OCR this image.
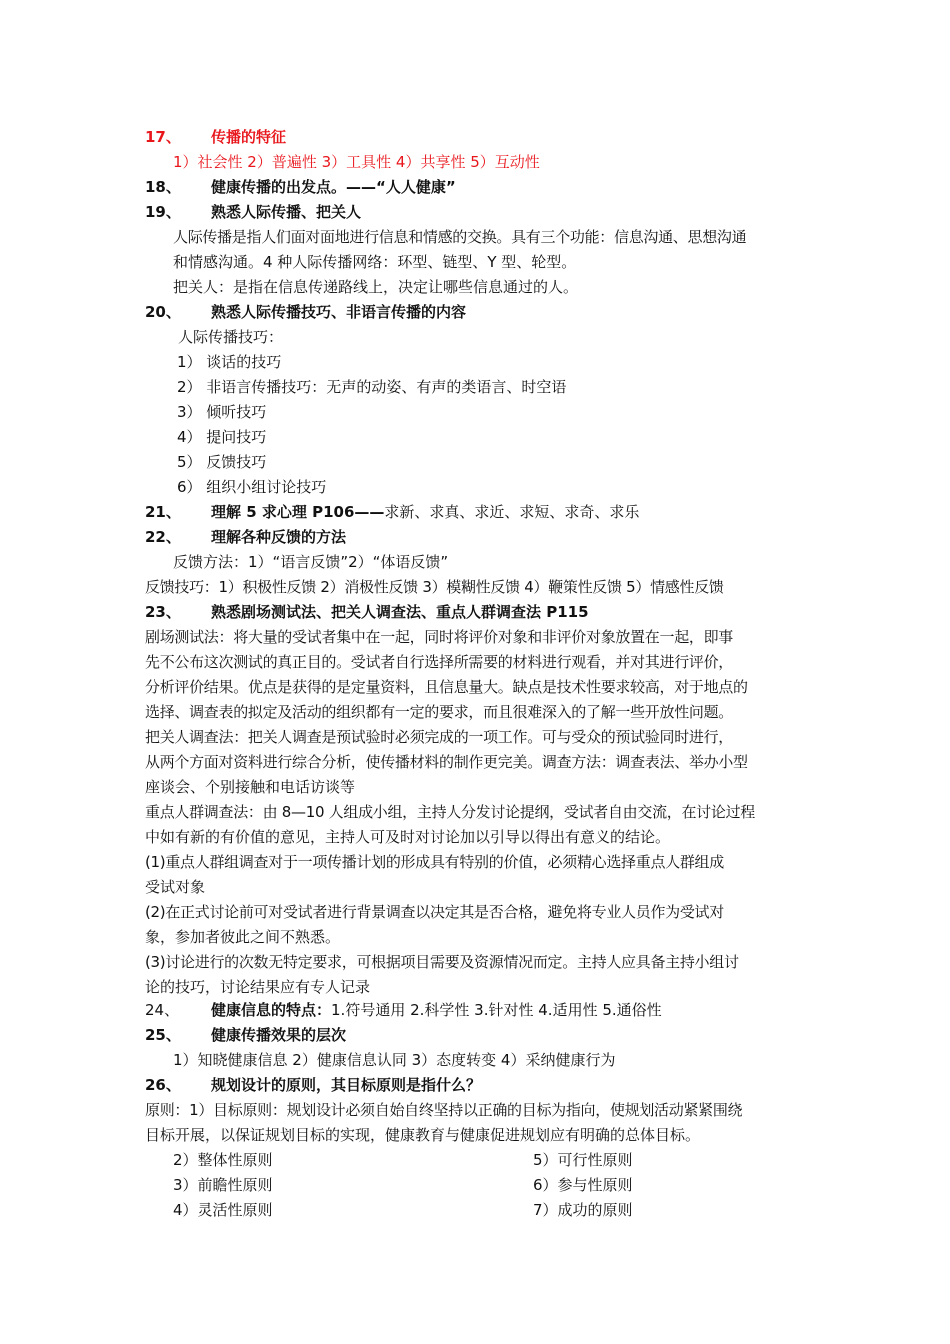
17、 传播的特征
1）社会性 2）普遍性 3）工具性 4）共享性 5）互动性
18、 健康传播的出发点。——“人人健康”
19、 熟悉人际传播、把关人
人际传播是指人们面对面地进行信息和情感的交换。具有三个功能：信息沟通、思想沟通
和情感沟通。4 种人际传播网络：环型、链型、Y 型、轮型。
把关人：是指在信息传递路线上，决定让哪些信息通过的人。
20、 熟悉人际传播技巧、非语言传播的内容
人际传播技巧：
1） 谈话的技巧
2） 非语言传播技巧：无声的动姿、有声的类语言、时空语
3） 倾听技巧
4） 提问技巧
5） 反馈技巧
6） 组织小组讨论技巧
21、 理解 5 求心理 P106——求新、求真、求近、求短、求奇、求乐
22、 理解各种反馈的方法
反馈方法：1）“语言反馈”2）“体语反馈”
反馈技巧：1）积极性反馈 2）消极性反馈 3）模糊性反馈 4）鞭策性反馈 5）情感性反馈
23、 熟悉剧场测试法、把关人调查法、重点人群调查法 P115
剧场测试法：将大量的受试者集中在一起，同时将评价对象和非评价对象放置在一起，即事
先不公布这次测试的真正目的。受试者自行选择所需要的材料进行观看，并对其进行评价，
分析评价结果。优点是获得的是定量资料，且信息量大。缺点是技术性要求较高，对于地点的
选择、调查表的拟定及活动的组织都有一定的要求，而且很难深入的了解一些开放性问题。
把关人调查法：把关人调查是预试验时必须完成的一项工作。可与受众的预试验同时进行，
从两个方面对资料进行综合分析，使传播材料的制作更完美。调查方法：调查表法、举办小型
座谈会、个别接触和电话访谈等
重点人群调查法：由 8—10 人组成小组，主持人分发讨论提纲，受试者自由交流，在讨论过程
中如有新的有价值的意见，主持人可及时对讨论加以引导以得出有意义的结论。
(1)重点人群组调查对于一项传播计划的形成具有特别的价值，必须精心选择重点人群组成
受试对象
(2)在正式讨论前可对受试者进行背景调查以决定其是否合格，避免将专业人员作为受试对
象，参加者彼此之间不熟悉。
(3)讨论进行的次数无特定要求，可根据项目需要及资源情况而定。主持人应具备主持小组讨
论的技巧，讨论结果应有专人记录
24、 健康信息的特点：1.符号通用 2.科学性 3.针对性 4.适用性 5.通俗性
25、 健康传播效果的层次
1）知晓健康信息 2）健康信息认同 3）态度转变 4）采纳健康行为
26、 规划设计的原则，其目标原则是指什么？
原则：1）目标原则：规划设计必须自始自终坚持以正确的目标为指向，使规划活动紧紧围绕
目标开展，以保证规划目标的实现，健康教育与健康促进规划应有明确的总体目标。
2）整体性原则
3）前瞻性原则
4）灵活性原则
5）可行性原则
6）参与性原则
7）成功的原则
